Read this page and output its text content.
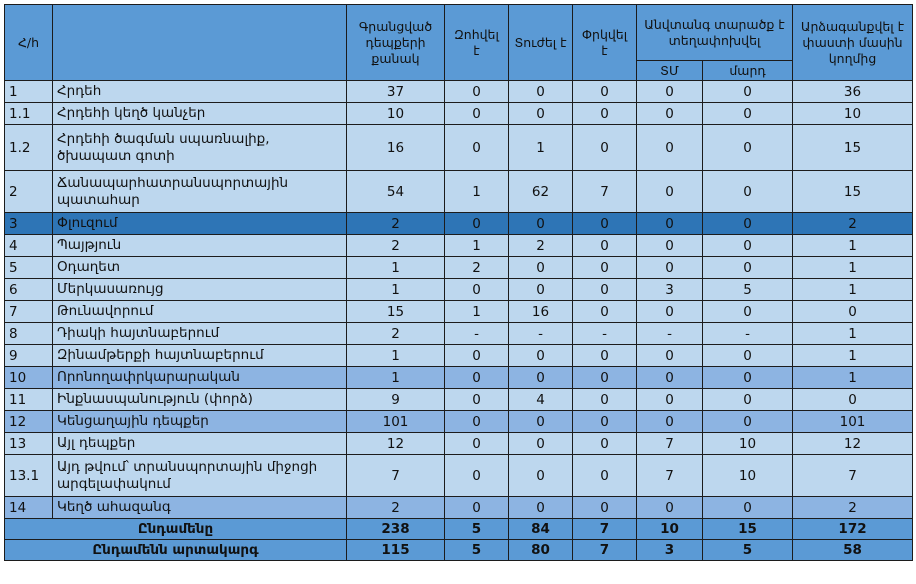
Հ/հ		Գրանցված դեպքերի քանակ	Զոհվել է	Տուժել է	Փրկվել է	Անվտանգ տարածք է տեղափոխվել		Արձագանքվել է փաստի մասին կողմից
						ՏՄ	մարդ	
1	Հրդեհ	37	0	0	0	0	0	36
1.1	Հրդեհի կեղծ կանչեր	10	0	0	0	0	0	10
1.2	Հրդեհի ծագման սպառնալիք, ծխապատ գոտի	16	0	1	0	0	0	15
2	Ճանապարհատրանսպորտային պատահար	54	1	62	7	0	0	15
3	Փլուզում	2	0	0	0	0	0	2
4	Պայթյուն	2	1	2	0	0	0	1
5	Օդաղետ	1	2	0	0	0	0	1
6	Մերկասառույց	1	0	0	0	3	5	1
7	Թունավորում	15	1	16	0	0	0	0
8	Դիակի հայտնաբերում	2	-	-	-	-	-	1
9	Զինամթերքի հայտնաբերում	1	0	0	0	0	0	1
10	Որոնողափրկարարական	1	0	0	0	0	0	1
11	Ինքնասպանություն (փորձ)	9	0	4	0	0	0	0
12	Կենցաղային դեպքեր	101	0	0	0	0	0	101
13	Այլ դեպքեր	12	0	0	0	7	10	12
13.1	Այդ թվում՝ տրանսպորտային միջոցի արգելափակում	7	0	0	0	7	10	7
14	Կեղծ ահազանգ	2	0	0	0	0	0	2
Ընդամենը		238	5	84	7	10	15	172
Ընդամենն արտակարգ		115	5	80	7	3	5	58
